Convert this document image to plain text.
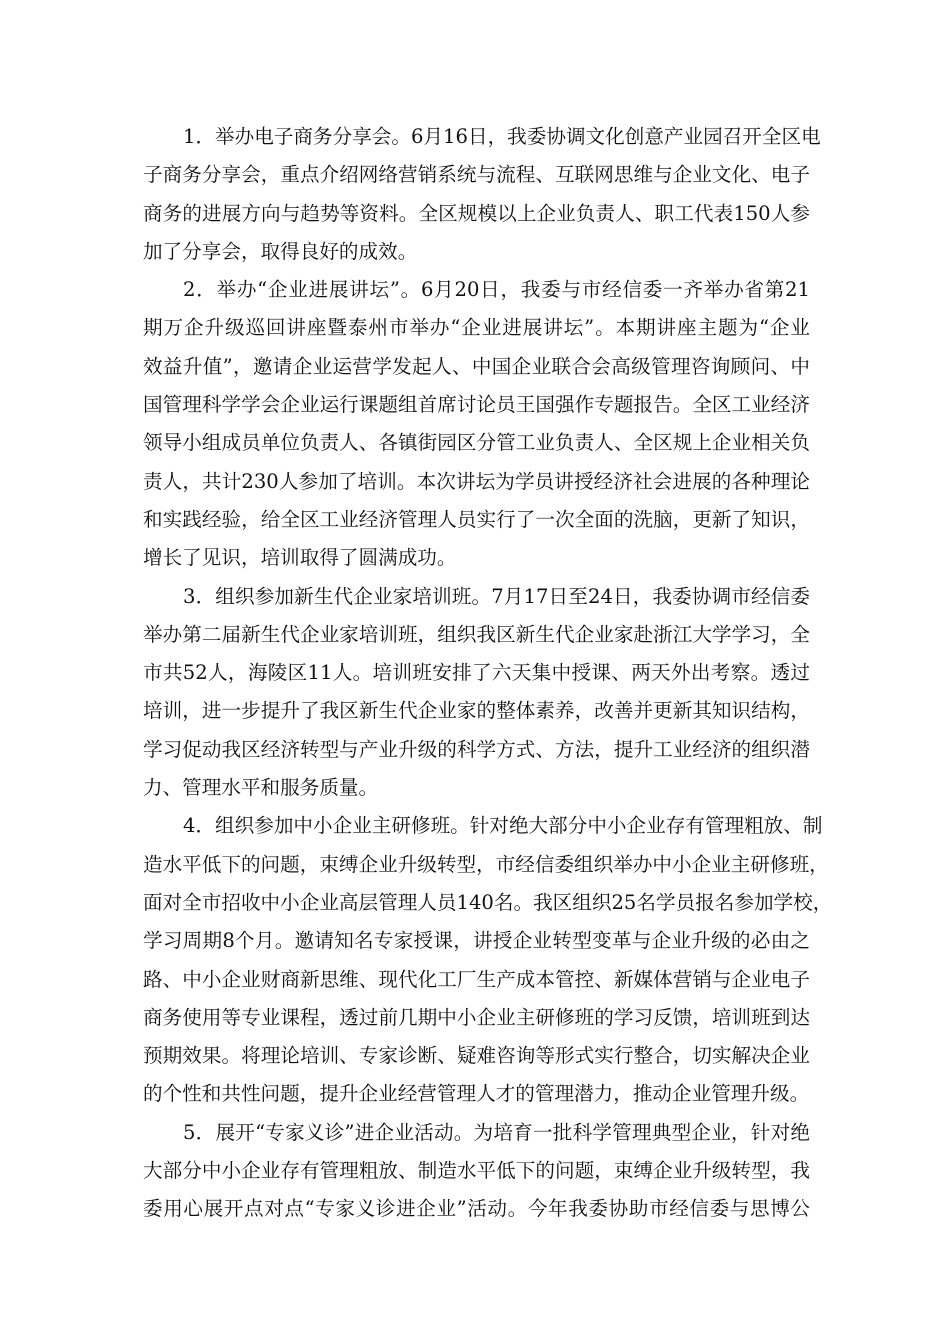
1．举办电子商务分享会。6月16日，我委协调文化创意产业园召开全区电
子商务分享会，重点介绍网络营销系统与流程、互联网思维与企业文化、电子
商务的进展方向与趋势等资料。全区规模以上企业负责人、职工代表150人参
加了分享会，取得良好的成效。
2．举办“企业进展讲坛”。6月20日，我委与市经信委一齐举办省第21
期万企升级巡回讲座暨泰州市举办“企业进展讲坛”。本期讲座主题为“企业
效益升值”，邀请企业运营学发起人、中国企业联合会高级管理咨询顾问、中
国管理科学学会企业运行课题组首席讨论员王国强作专题报告。全区工业经济
领导小组成员单位负责人、各镇街园区分管工业负责人、全区规上企业相关负
责人，共计230人参加了培训。本次讲坛为学员讲授经济社会进展的各种理论
和实践经验，给全区工业经济管理人员实行了一次全面的洗脑，更新了知识，
增长了见识，培训取得了圆满成功。
3．组织参加新生代企业家培训班。7月17日至24日，我委协调市经信委
举办第二届新生代企业家培训班，组织我区新生代企业家赴浙江大学学习，全
市共52人，海陵区11人。培训班安排了六天集中授课、两天外出考察。透过
培训，进一步提升了我区新生代企业家的整体素养，改善并更新其知识结构，
学习促动我区经济转型与产业升级的科学方式、方法，提升工业经济的组织潜
力、管理水平和服务质量。
4．组织参加中小企业主研修班。针对绝大部分中小企业存有管理粗放、制
造水平低下的问题，束缚企业升级转型，市经信委组织举办中小企业主研修班，
面对全市招收中小企业高层管理人员140名。我区组织25名学员报名参加学校，
学习周期8个月。邀请知名专家授课，讲授企业转型变革与企业升级的必由之
路、中小企业财商新思维、现代化工厂生产成本管控、新媒体营销与企业电子
商务使用等专业课程，透过前几期中小企业主研修班的学习反馈，培训班到达
预期效果。将理论培训、专家诊断、疑难咨询等形式实行整合，切实解决企业
的个性和共性问题，提升企业经营管理人才的管理潜力，推动企业管理升级。
5．展开“专家义诊”进企业活动。为培育一批科学管理典型企业，针对绝
大部分中小企业存有管理粗放、制造水平低下的问题，束缚企业升级转型，我
委用心展开点对点“专家义诊进企业”活动。今年我委协助市经信委与思博公
